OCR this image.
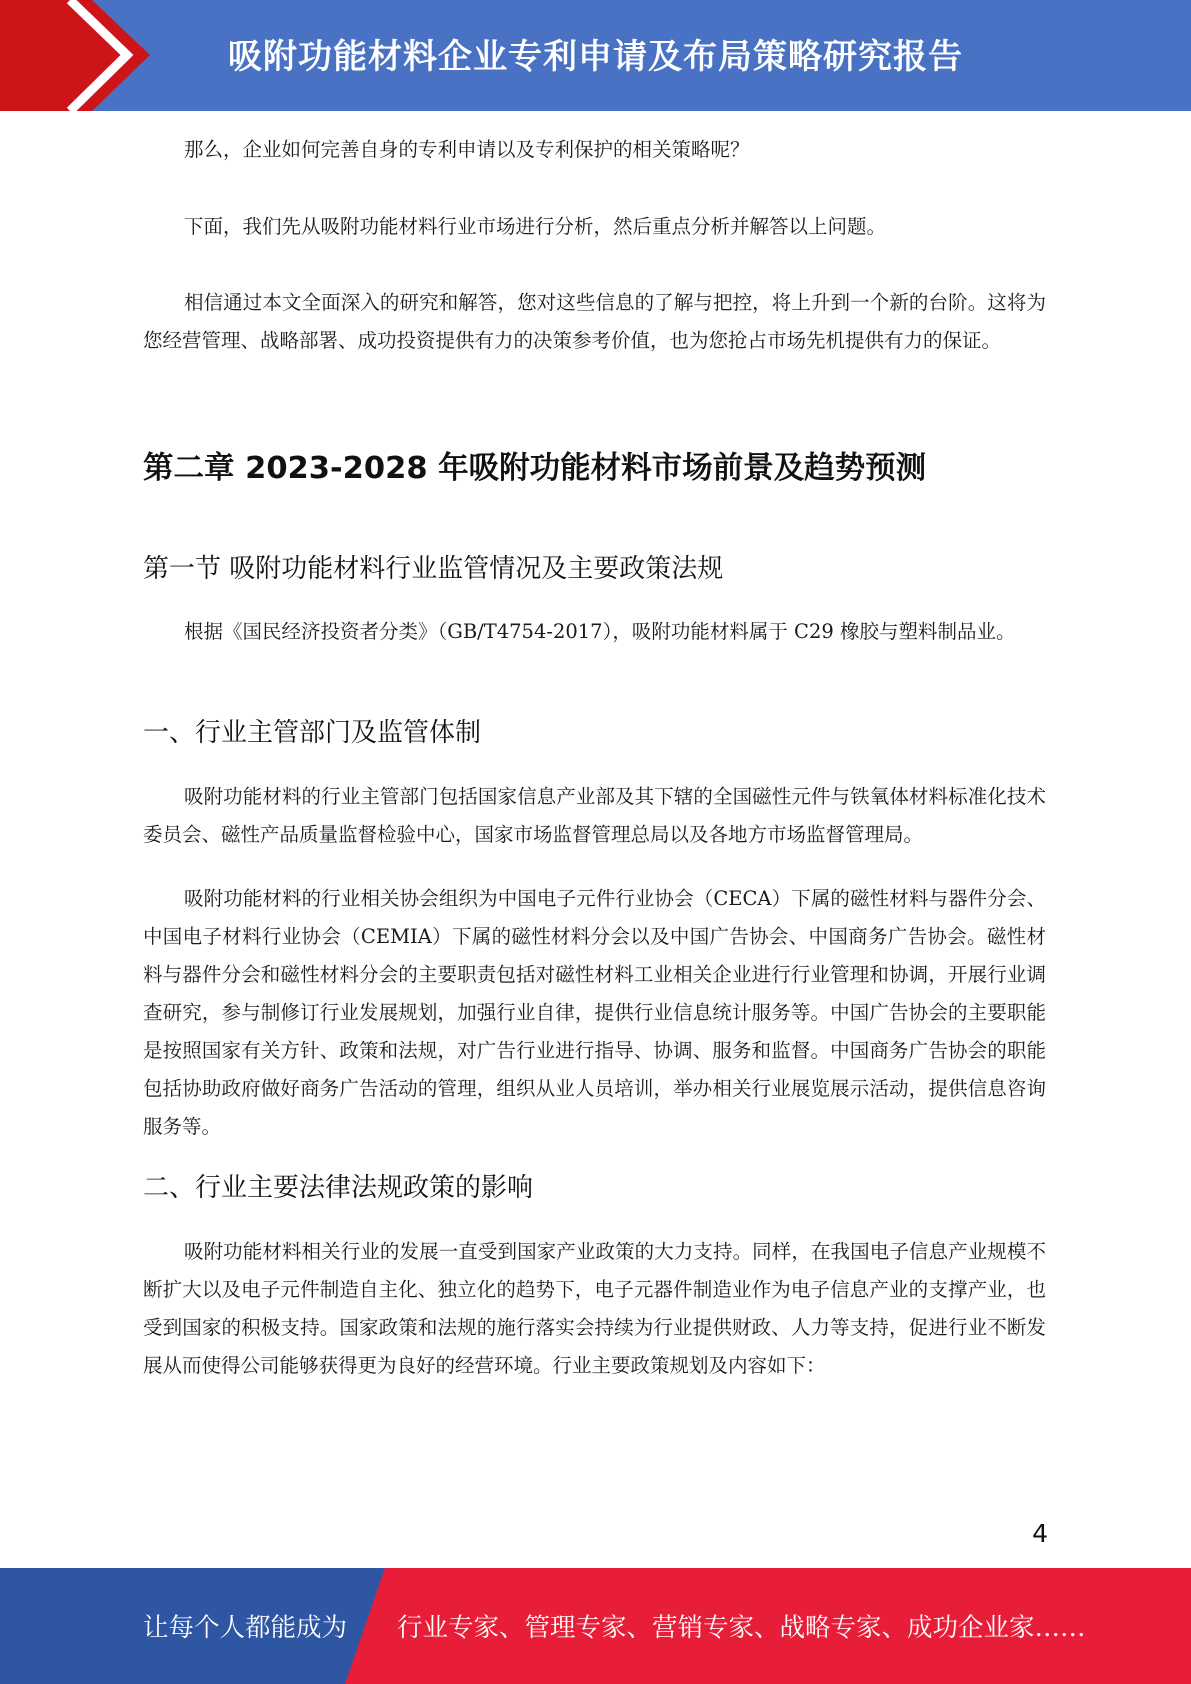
吸附功能材料企业专利申请及布局策略研究报告

那么，企业如何完善自身的专利申请以及专利保护的相关策略呢？

下面，我们先从吸附功能材料行业市场进行分析，然后重点分析并解答以上问题。

相信通过本文全面深入的研究和解答，您对这些信息的了解与把控，将上升到一个新的台阶。这将为您经营管理、战略部署、成功投资提供有力的决策参考价值，也为您抢占市场先机提供有力的保证。

第二章 2023-2028 年吸附功能材料市场前景及趋势预测
第一节 吸附功能材料行业监管情况及主要政策法规

根据《国民经济投资者分类》（GB/T4754-2017），吸附功能材料属于 C29 橡胶与塑料制品业。

一、行业主管部门及监管体制

吸附功能材料的行业主管部门包括国家信息产业部及其下辖的全国磁性元件与铁氧体材料标准化技术委员会、磁性产品质量监督检验中心，国家市场监督管理总局以及各地方市场监督管理局。

吸附功能材料的行业相关协会组织为中国电子元件行业协会（CECA）下属的磁性材料与器件分会、中国电子材料行业协会（CEMIA）下属的磁性材料分会以及中国广告协会、中国商务广告协会。磁性材料与器件分会和磁性材料分会的主要职责包括对磁性材料工业相关企业进行行业管理和协调，开展行业调查研究，参与制修订行业发展规划，加强行业自律，提供行业信息统计服务等。中国广告协会的主要职能是按照国家有关方针、政策和法规，对广告行业进行指导、协调、服务和监督。中国商务广告协会的职能包括协助政府做好商务广告活动的管理，组织从业人员培训，举办相关行业展览展示活动，提供信息咨询服务等。

二、行业主要法律法规政策的影响

吸附功能材料相关行业的发展一直受到国家产业政策的大力支持。同样，在我国电子信息产业规模不断扩大以及电子元件制造自主化、独立化的趋势下，电子元器件制造业作为电子信息产业的支撑产业，也受到国家的积极支持。国家政策和法规的施行落实会持续为行业提供财政、人力等支持，促进行业不断发展从而使得公司能够获得更为良好的经营环境。行业主要政策规划及内容如下：

4
让每个人都能成为 行业专家、管理专家、营销专家、战略专家、成功企业家……
